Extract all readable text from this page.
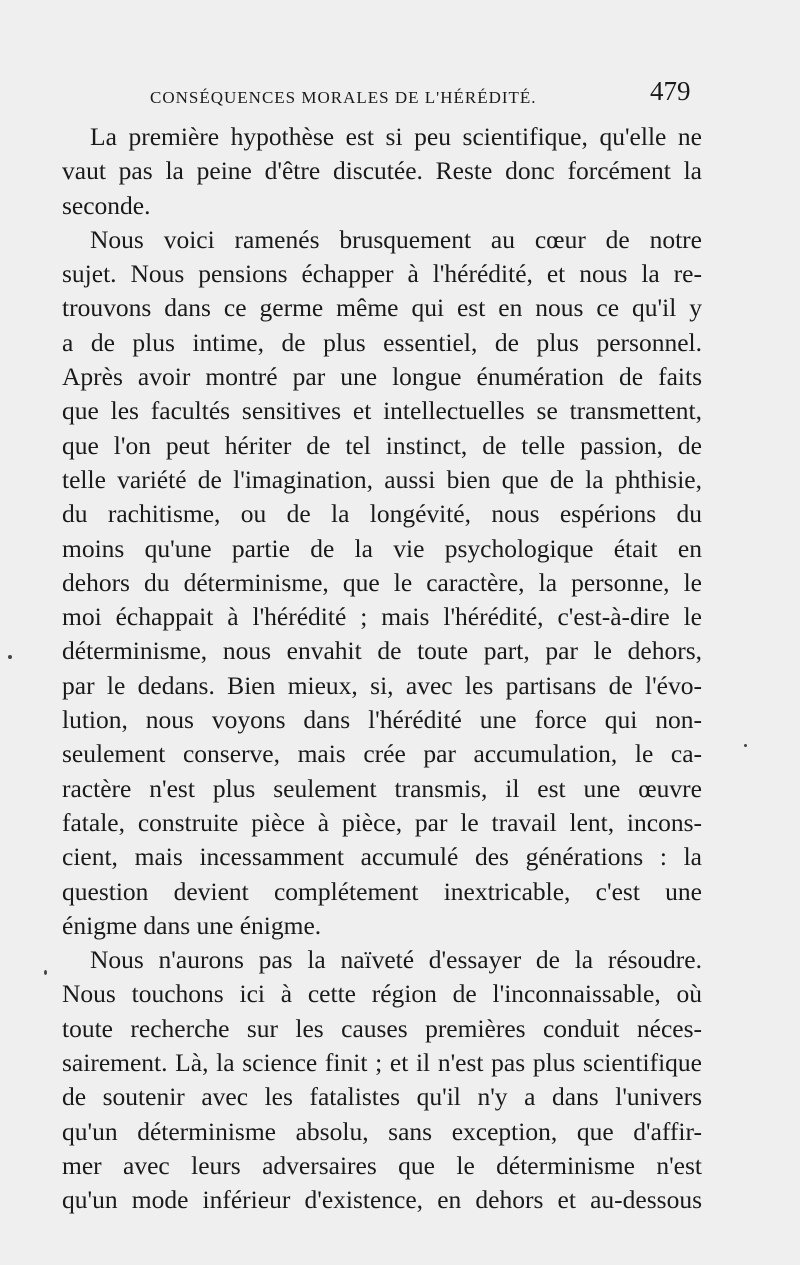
CONSÉQUENCES MORALES DE L'HÉRÉDITÉ.	479
La première hypothèse est si peu scientifique, qu'elle ne
vaut pas la peine d'être discutée. Reste donc forcément la
seconde.
Nous voici ramenés brusquement au cœur de notre
sujet. Nous pensions échapper à l'hérédité, et nous la re-
trouvons dans ce germe même qui est en nous ce qu'il y
a de plus intime, de plus essentiel, de plus personnel.
Après avoir montré par une longue énumération de faits
que les facultés sensitives et intellectuelles se transmettent,
que l'on peut hériter de tel instinct, de telle passion, de
telle variété de l'imagination, aussi bien que de la phthisie,
du rachitisme, ou de la longévité, nous espérions du
moins qu'une partie de la vie psychologique était en
dehors du déterminisme, que le caractère, la personne, le
moi échappait à l'hérédité ; mais l'hérédité, c'est-à-dire le
déterminisme, nous envahit de toute part, par le dehors,
par le dedans. Bien mieux, si, avec les partisans de l'évo-
lution, nous voyons dans l'hérédité une force qui non-
seulement conserve, mais crée par accumulation, le ca-
ractère n'est plus seulement transmis, il est une œuvre
fatale, construite pièce à pièce, par le travail lent, incons-
cient, mais incessamment accumulé des générations : la
question devient complétement inextricable, c'est une
énigme dans une énigme.
Nous n'aurons pas la naïveté d'essayer de la résoudre.
Nous touchons ici à cette région de l'inconnaissable, où
toute recherche sur les causes premières conduit néces-
sairement. Là, la science finit ; et il n'est pas plus scientifique
de soutenir avec les fatalistes qu'il n'y a dans l'univers
qu'un déterminisme absolu, sans exception, que d'affir-
mer avec leurs adversaires que le déterminisme n'est
qu'un mode inférieur d'existence, en dehors et au-dessous
